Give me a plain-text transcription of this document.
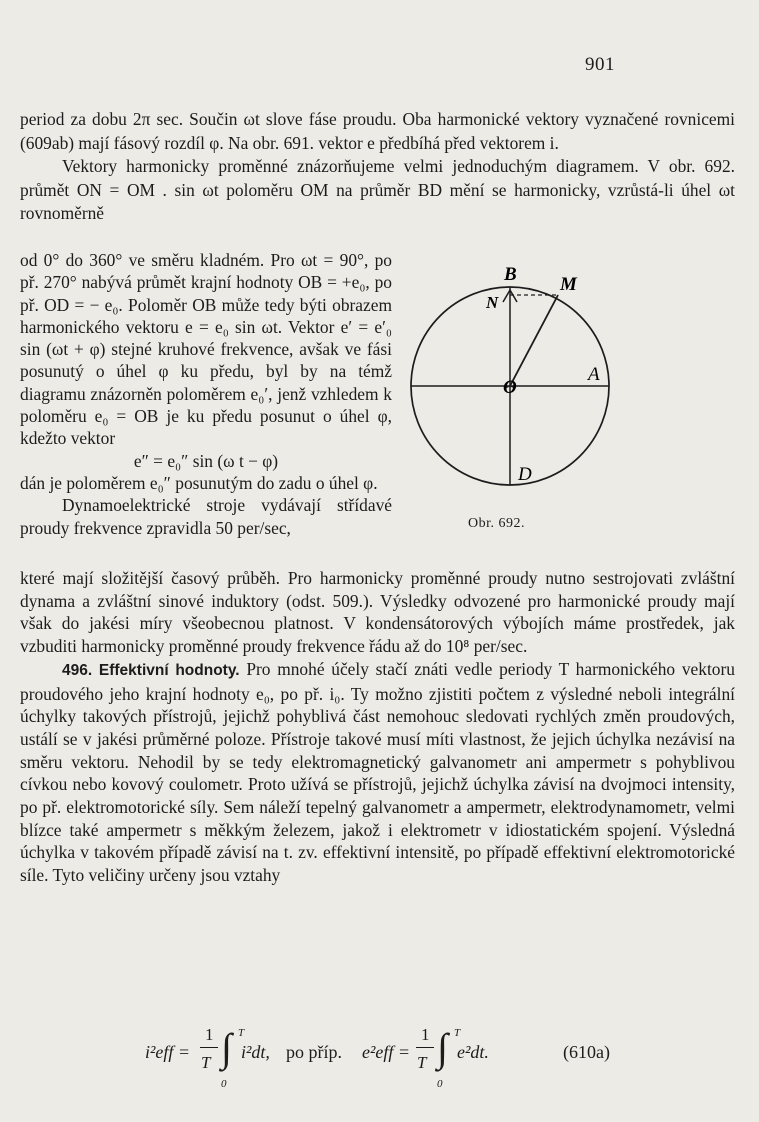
901

period za dobu 2π sec. Součin ωt slove fáse proudu. Oba harmonické vektory vyznačené rovnicemi (609ab) mají fásový rozdíl φ. Na obr. 691. vektor e předbíhá před vektorem i.

Vektory harmonicky proměnné znázorňujeme velmi jednoduchým diagramem. V obr. 692. průmět ON = OM . sin ωt poloměru OM na průměr BD mění se harmonicky, vzrůstá-li úhel ωt rovnoměrně

od 0° do 360° ve směru kladném. Pro ωt = 90°, po př. 270° nabývá průmět krajní hodnoty OB = +e₀, po př. OD = − e₀. Poloměr OB může tedy býti obrazem harmonického vektoru e = e₀ sin ωt. Vektor e′ = e′₀ sin (ωt + φ) stejné kruhové frekvence, avšak ve fási posunutý o úhel φ ku předu, byl by na témž diagramu znázorněn poloměrem e₀′, jenž vzhledem k poloměru e₀ = OB je ku předu posunut o úhel φ, kdežto vektor

e″ = e₀″ sin (ω t − φ)

dán je poloměrem e₀″ posunutým do zadu o úhel φ.

Dynamoelektrické stroje vydávají střídavé proudy frekvence zpravidla 50 per/sec,

B M
N
A
O
D
Obr. 692.

které mají složitější časový průběh. Pro harmonicky proměnné proudy nutno sestrojovati zvláštní dynama a zvláštní sinové induktory (odst. 509.). Výsledky odvozené pro harmonické proudy mají však do jakési míry všeobecnou platnost. V kondensátorových výbojích máme prostředek, jak vzbuditi harmonicky proměnné proudy frekvence řádu až do 10⁸ per/sec.

496. Effektivní hodnoty. Pro mnohé účely stačí znáti vedle periody T harmonického vektoru proudového jeho krajní hodnoty e₀, po př. i₀. Ty možno zjistiti počtem z výsledné neboli integrální úchylky takových přístrojů, jejichž pohyblivá část nemohouc sledovati rychlých změn proudových, ustálí se v jakési průměrné poloze. Přístroje takové musí míti vlastnost, že jejich úchylka nezávisí na směru vektoru. Nehodil by se tedy elektromagnetický galvanometr ani ampermetr s pohyblivou cívkou nebo kovový coulometr. Proto užívá se přístrojů, jejichž úchylka závisí na dvojmoci intensity, po př. elektromotorické síly. Sem náleží tepelný galvanometr a ampermetr, elektrodynamometr, velmi blízce také ampermetr s měkkým železem, jakož i elektrometr v idiostatickém spojení. Výsledná úchylka v takovém případě závisí na t. zv. effektivní intensitě, po případě effektivní elektromotorické síle. Tyto veličiny určeny jsou vztahy

i²eff =
1
T ∫ T
0
i²dt, po příp. e²eff =
1
T ∫ T
0
e²dt.	(610a)
